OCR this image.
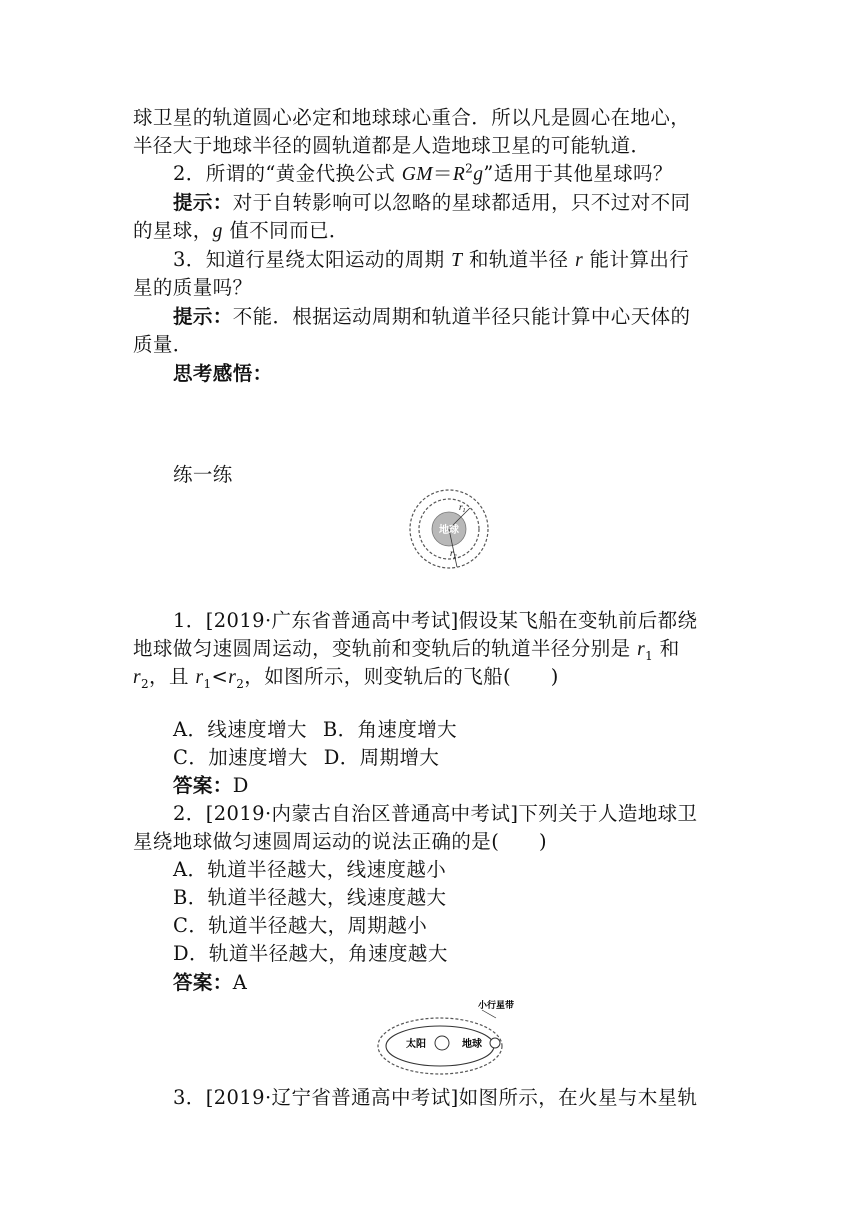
球卫星的轨道圆心必定和地球球心重合．所以凡是圆心在地心，
半径大于地球半径的圆轨道都是人造地球卫星的可能轨道．
2．所谓的“黄金代换公式 $GM=R^2g$”适用于其他星球吗？
提示：对于自转影响可以忽略的星球都适用，只不过对不同
的星球，g 值不同而已．
3．知道行星绕太阳运动的周期 T 和轨道半径 r 能计算出行
星的质量吗？
提示：不能．根据运动周期和轨道半径只能计算中心天体的
质量．
思考感悟：
练一练
地球
$r_1$
$r_2$
1．[2019·广东省普通高中考试]假设某飞船在变轨前后都绕
地球做匀速圆周运动，变轨前和变轨后的轨道半径分别是 $r_1$ 和
$r_2$，且 $r_1<r_2$，如图所示，则变轨后的飞船(　　)
A．线速度增大 B．角速度增大
C．加速度增大 D．周期增大
答案：D
2．[2019·内蒙古自治区普通高中考试]下列关于人造地球卫
星绕地球做匀速圆周运动的说法正确的是(　　)
A．轨道半径越大，线速度越小
B．轨道半径越大，线速度越大
C．轨道半径越大，周期越小
D．轨道半径越大，角速度越大
答案：A
太阳	地球
小行星带
3．[2019·辽宁省普通高中考试]如图所示，在火星与木星轨
